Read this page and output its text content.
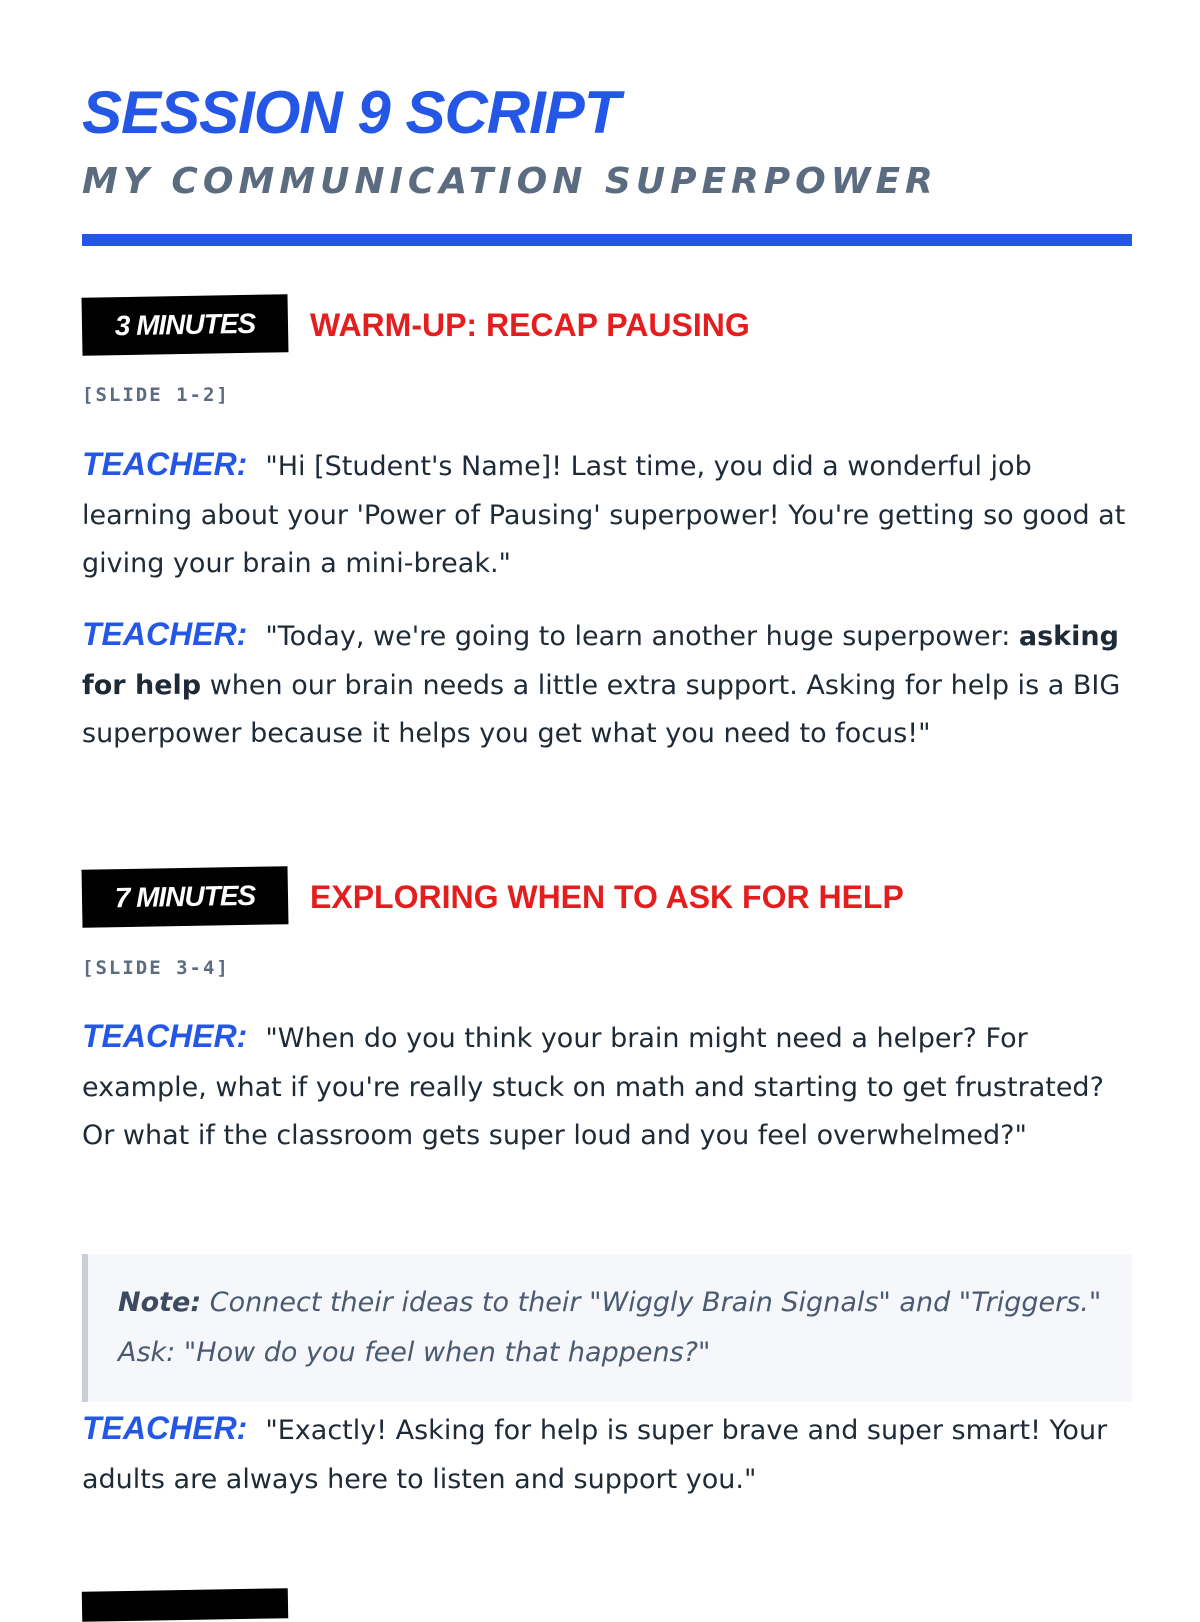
SESSION 9 SCRIPT
MY COMMUNICATION SUPERPOWER
3 MINUTES	WARM-UP: RECAP PAUSING
[SLIDE 1-2]

TEACHER: "Hi [Student's Name]! Last time, you did a wonderful job learning about your 'Power of Pausing' superpower! You're getting so good at giving your brain a mini-break."

TEACHER: "Today, we're going to learn another huge superpower: asking for help when our brain needs a little extra support. Asking for help is a BIG superpower because it helps you get what you need to focus!"

7 MINUTES	EXPLORING WHEN TO ASK FOR HELP
[SLIDE 3-4]

TEACHER: "When do you think your brain might need a helper? For example, what if you're really stuck on math and starting to get frustrated? Or what if the classroom gets super loud and you feel overwhelmed?"

Note: Connect their ideas to their "Wiggly Brain Signals" and "Triggers." Ask: "How do you feel when that happens?"

TEACHER: "Exactly! Asking for help is super brave and super smart! Your adults are always here to listen and support you."
